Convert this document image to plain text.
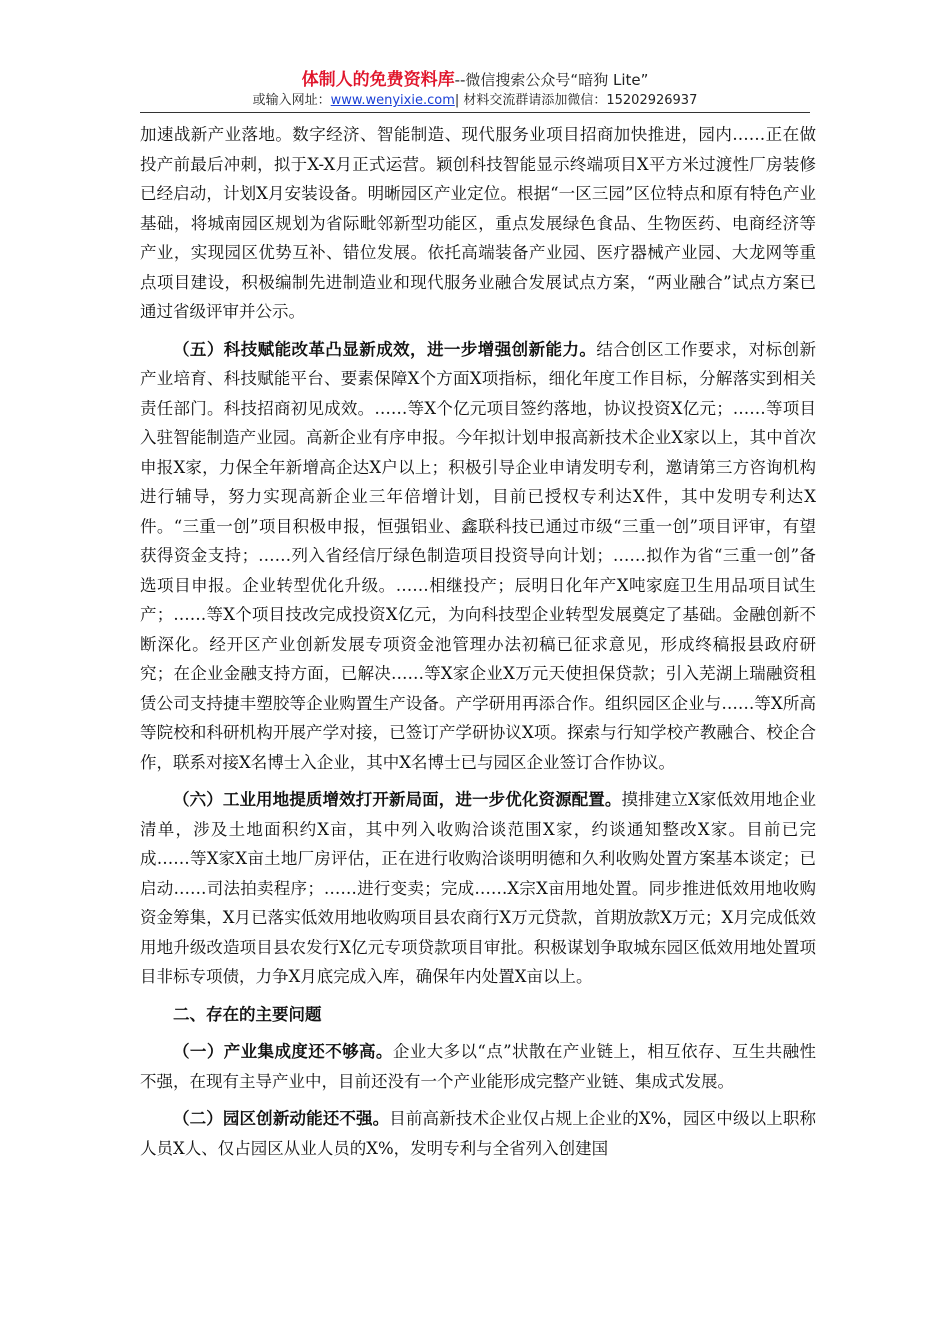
体制人的免费资料库--微信搜索公众号“暗狗 Lite”
或输入网址：www.wenyixie.com| 材料交流群请添加微信：15202926937

加速战新产业落地。数字经济、智能制造、现代服务业项目招商加快推进，园内……正在做投产前最后冲刺，拟于X-X月正式运营。颖创科技智能显示终端项目X平方米过渡性厂房装修已经启动，计划X月安装设备。明晰园区产业定位。根据“一区三园”区位特点和原有特色产业基础，将城南园区规划为省际毗邻新型功能区，重点发展绿色食品、生物医药、电商经济等产业，实现园区优势互补、错位发展。依托高端装备产业园、医疗器械产业园、大龙网等重点项目建设，积极编制先进制造业和现代服务业融合发展试点方案，“两业融合”试点方案已通过省级评审并公示。

（五）科技赋能改革凸显新成效，进一步增强创新能力。结合创区工作要求，对标创新产业培育、科技赋能平台、要素保障X个方面X项指标，细化年度工作目标，分解落实到相关责任部门。科技招商初见成效。……等X个亿元项目签约落地，协议投资X亿元；……等项目入驻智能制造产业园。高新企业有序申报。今年拟计划申报高新技术企业X家以上，其中首次申报X家，力保全年新增高企达X户以上；积极引导企业申请发明专利，邀请第三方咨询机构进行辅导，努力实现高新企业三年倍增计划，目前已授权专利达X件，其中发明专利达X件。“三重一创”项目积极申报，恒强铝业、鑫联科技已通过市级“三重一创”项目评审，有望获得资金支持；……列入省经信厅绿色制造项目投资导向计划；……拟作为省“三重一创”备选项目申报。企业转型优化升级。……相继投产；辰明日化年产X吨家庭卫生用品项目试生产；……等X个项目技改完成投资X亿元，为向科技型企业转型发展奠定了基础。金融创新不断深化。经开区产业创新发展专项资金池管理办法初稿已征求意见，形成终稿报县政府研究；在企业金融支持方面，已解决……等X家企业X万元天使担保贷款；引入芜湖上瑞融资租赁公司支持捷丰塑胶等企业购置生产设备。产学研用再添合作。组织园区企业与……等X所高等院校和科研机构开展产学对接，已签订产学研协议X项。探索与行知学校产教融合、校企合作，联系对接X名博士入企业，其中X名博士已与园区企业签订合作协议。

（六）工业用地提质增效打开新局面，进一步优化资源配置。摸排建立X家低效用地企业清单，涉及土地面积约X亩，其中列入收购洽谈范围X家，约谈通知整改X家。目前已完成……等X家X亩土地厂房评估，正在进行收购洽谈明明德和久利收购处置方案基本谈定；已启动……司法拍卖程序；……进行变卖；完成……X宗X亩用地处置。同步推进低效用地收购资金筹集，X月已落实低效用地收购项目县农商行X万元贷款，首期放款X万元；X月完成低效用地升级改造项目县农发行X亿元专项贷款项目审批。积极谋划争取城东园区低效用地处置项目非标专项债，力争X月底完成入库，确保年内处置X亩以上。

二、存在的主要问题

（一）产业集成度还不够高。企业大多以“点”状散在产业链上，相互依存、互生共融性不强，在现有主导产业中，目前还没有一个产业能形成完整产业链、集成式发展。

（二）园区创新动能还不强。目前高新技术企业仅占规上企业的X%，园区中级以上职称人员X人、仅占园区从业人员的X%，发明专利与全省列入创建国
